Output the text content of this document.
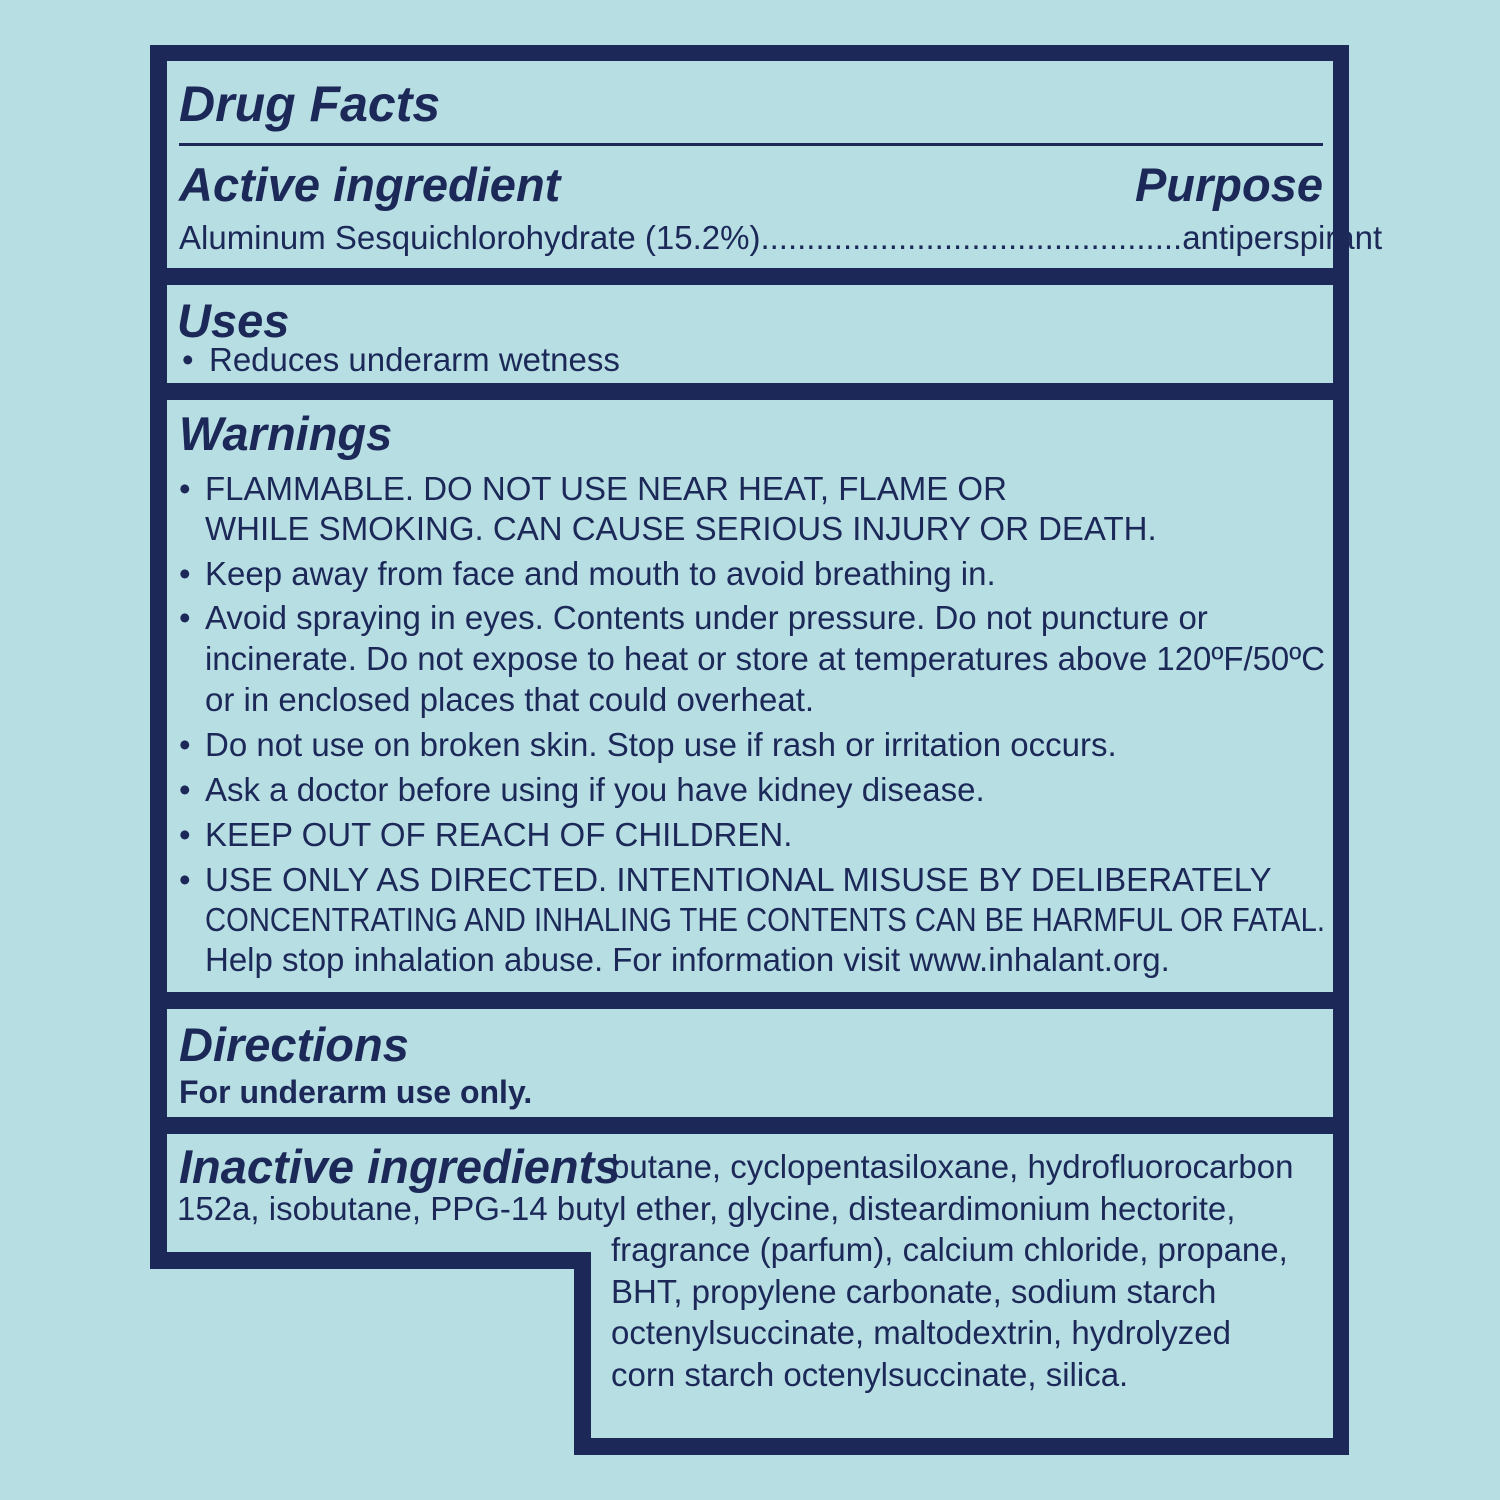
Drug Facts
Active ingredient	Purpose
Aluminum Sesquichlorohydrate (15.2%) .............................................. antiperspirant
Uses
• Reduces underarm wetness
Warnings
• FLAMMABLE. DO NOT USE NEAR HEAT, FLAME OR
WHILE SMOKING. CAN CAUSE SERIOUS INJURY OR DEATH.
• Keep away from face and mouth to avoid breathing in.
• Avoid spraying in eyes. Contents under pressure. Do not puncture or
incinerate. Do not expose to heat or store at temperatures above 120ºF/50ºC
or in enclosed places that could overheat.
• Do not use on broken skin. Stop use if rash or irritation occurs.
• Ask a doctor before using if you have kidney disease.
• KEEP OUT OF REACH OF CHILDREN.
• USE ONLY AS DIRECTED. INTENTIONAL MISUSE BY DELIBERATELY
CONCENTRATING AND INHALING THE CONTENTS CAN BE HARMFUL OR FATAL.
Help stop inhalation abuse. For information visit www.inhalant.org.
Directions
For underarm use only.
Inactive ingredients
butane, cyclopentasiloxane, hydrofluorocarbon
152a, isobutane, PPG-14 butyl ether, glycine, disteardimonium hectorite,
fragrance (parfum), calcium chloride, propane,
BHT, propylene carbonate, sodium starch
octenylsuccinate, maltodextrin, hydrolyzed
corn starch octenylsuccinate, silica.
